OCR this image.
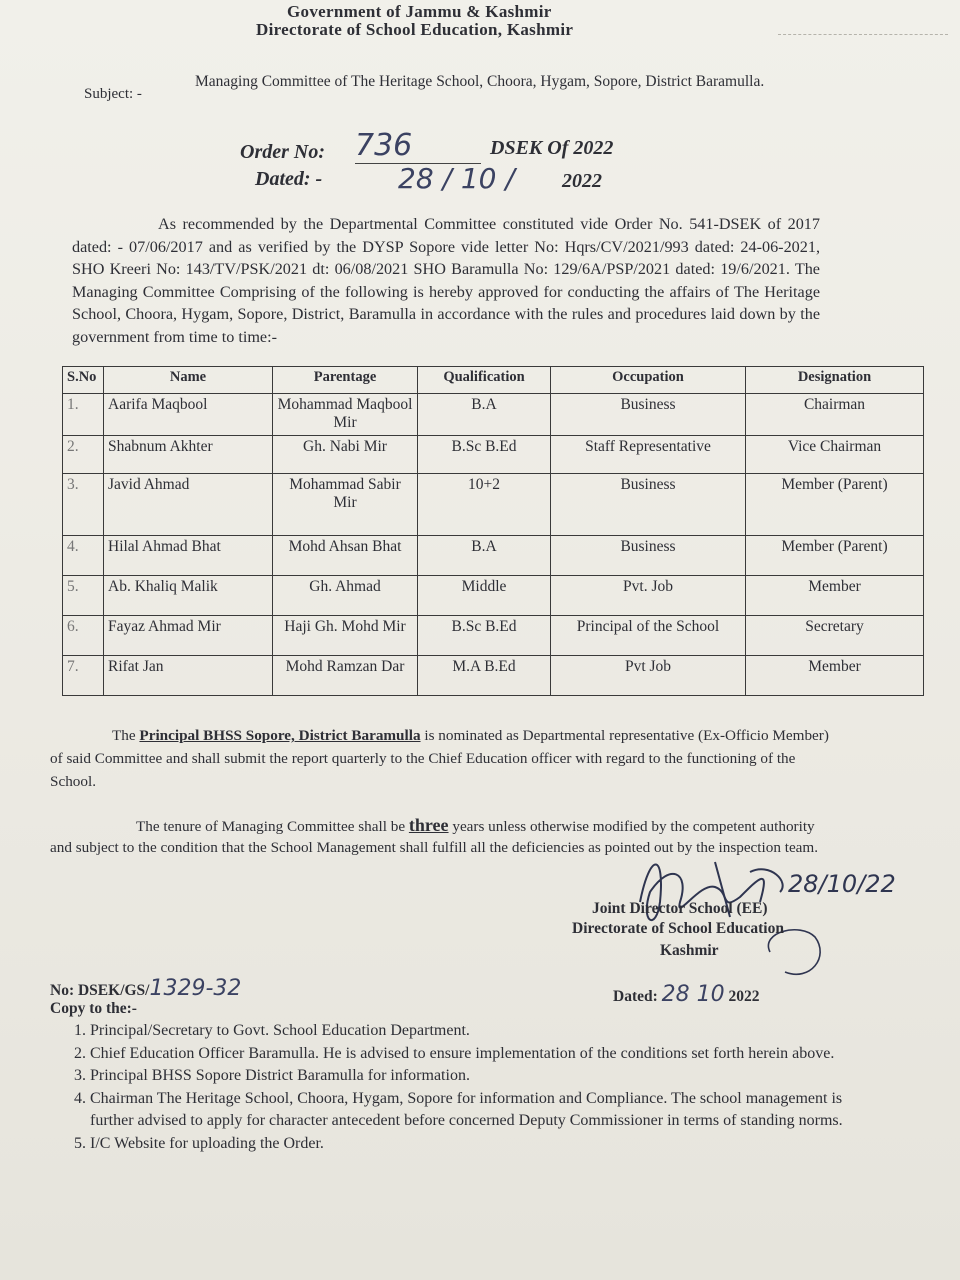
Government of Jammu & Kashmir
Directorate of School Education, Kashmir
Subject: -
Managing Committee of The Heritage School, Choora, Hygam, Sopore, District Baramulla.
Order No: 736	DSEK Of 2022
Dated: -	28 / 10 / 2022
As recommended by the Departmental Committee constituted vide Order No. 541-DSEK of 2017 dated: - 07/06/2017 and as verified by the DYSP Sopore vide letter No: Hqrs/CV/2021/993 dated: 24-06-2021, SHO Kreeri No: 143/TV/PSK/2021 dt: 06/08/2021 SHO Baramulla No: 129/6A/PSP/2021 dated: 19/6/2021. The Managing Committee Comprising of the following is hereby approved for conducting the affairs of The Heritage School, Choora, Hygam, Sopore, District, Baramulla in accordance with the rules and procedures laid down by the government from time to time:-
S.No	Name	Parentage	Qualification	Occupation	Designation
1.	Aarifa Maqbool	Mohammad Maqbool Mir	B.A	Business	Chairman
2.	Shabnum Akhter	Gh. Nabi Mir	B.Sc B.Ed	Staff Representative	Vice Chairman
3.	Javid Ahmad	Mohammad Sabir Mir	10+2	Business	Member (Parent)
4.	Hilal Ahmad Bhat	Mohd Ahsan Bhat	B.A	Business	Member (Parent)
5.	Ab. Khaliq Malik	Gh. Ahmad	Middle	Pvt. Job	Member
6.	Fayaz Ahmad Mir	Haji Gh. Mohd Mir	B.Sc B.Ed	Principal of the School	Secretary
7.	Rifat Jan	Mohd Ramzan Dar	M.A B.Ed	Pvt Job	Member
The Principal BHSS Sopore, District Baramulla is nominated as Departmental representative (Ex-Officio Member) of said Committee and shall submit the report quarterly to the Chief Education officer with regard to the functioning of the School.
The tenure of Managing Committee shall be three years unless otherwise modified by the competent authority and subject to the condition that the School Management shall fulfill all the deficiencies as pointed out by the inspection team.
28/10/22
Joint Director School (EE)
Directorate of School Education
Kashmir
No: DSEK/GS/1329-32	Dated: 28 10 2022
Copy to the:-
1. Principal/Secretary to Govt. School Education Department.
2. Chief Education Officer Baramulla. He is advised to ensure implementation of the conditions set forth herein above.
3. Principal BHSS Sopore District Baramulla for information.
4. Chairman The Heritage School, Choora, Hygam, Sopore for information and Compliance. The school management is further advised to apply for character antecedent before concerned Deputy Commissioner in terms of standing norms.
5. I/C Website for uploading the Order.
